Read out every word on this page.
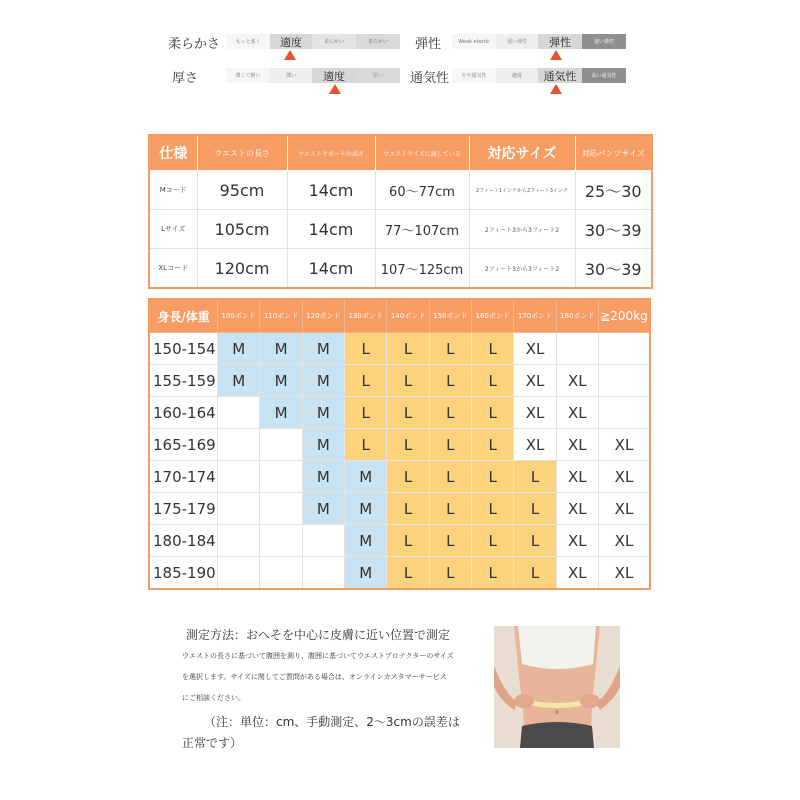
柔らかさ	もっと強く	適度	柔らかい	柔らかい	弾性	Weak elastic	弱い弾性	弾性	強い弾性
厚さ	薄くて軽い	薄い	適度	厚い	通気性	やや通気性	適度	通気性	高い通気性
仕様	ウエストの長さ	ウエストサポートの高さ	ウエストサイズに適している	対応サイズ	対応パンツサイズ
Mコード	95cm	14cm	60～77cm	2フィート1インチから2フィート3インチ	25～30
Lサイズ	105cm	14cm	77～107cm	2フィート3から3フィート2	30～39
XLコード	120cm	14cm	107～125cm	2フィート3から3フィート2	30～39
身長/体重	100ポンド	110ポンド	120ポンド	130ポンド	140ポンド	150ポンド	160ポンド	170ポンド	180ポンド	≧200kg
150-154	M	M	M	L	L	L	L	XL		
155-159	M	M	M	L	L	L	L	XL	XL	
160-164		M	M	L	L	L	L	XL	XL	
165-169			M	L	L	L	L	XL	XL	XL
170-174			M	M	L	L	L	L	XL	XL
175-179			M	M	L	L	L	L	XL	XL
180-184				M	L	L	L	L	XL	XL
185-190				M	L	L	L	L	XL	XL
測定方法：おへそを中心に皮膚に近い位置で測定
ウエストの長さに基づいて腹囲を測り、腹囲に基づいてウエストプロテクターのサイズ
を選択します。サイズに関してご質問がある場合は、オンラインカスタマーサービス
にご相談ください。
（注：単位：cm、手動測定、2～3cmの誤差は
正常です）
